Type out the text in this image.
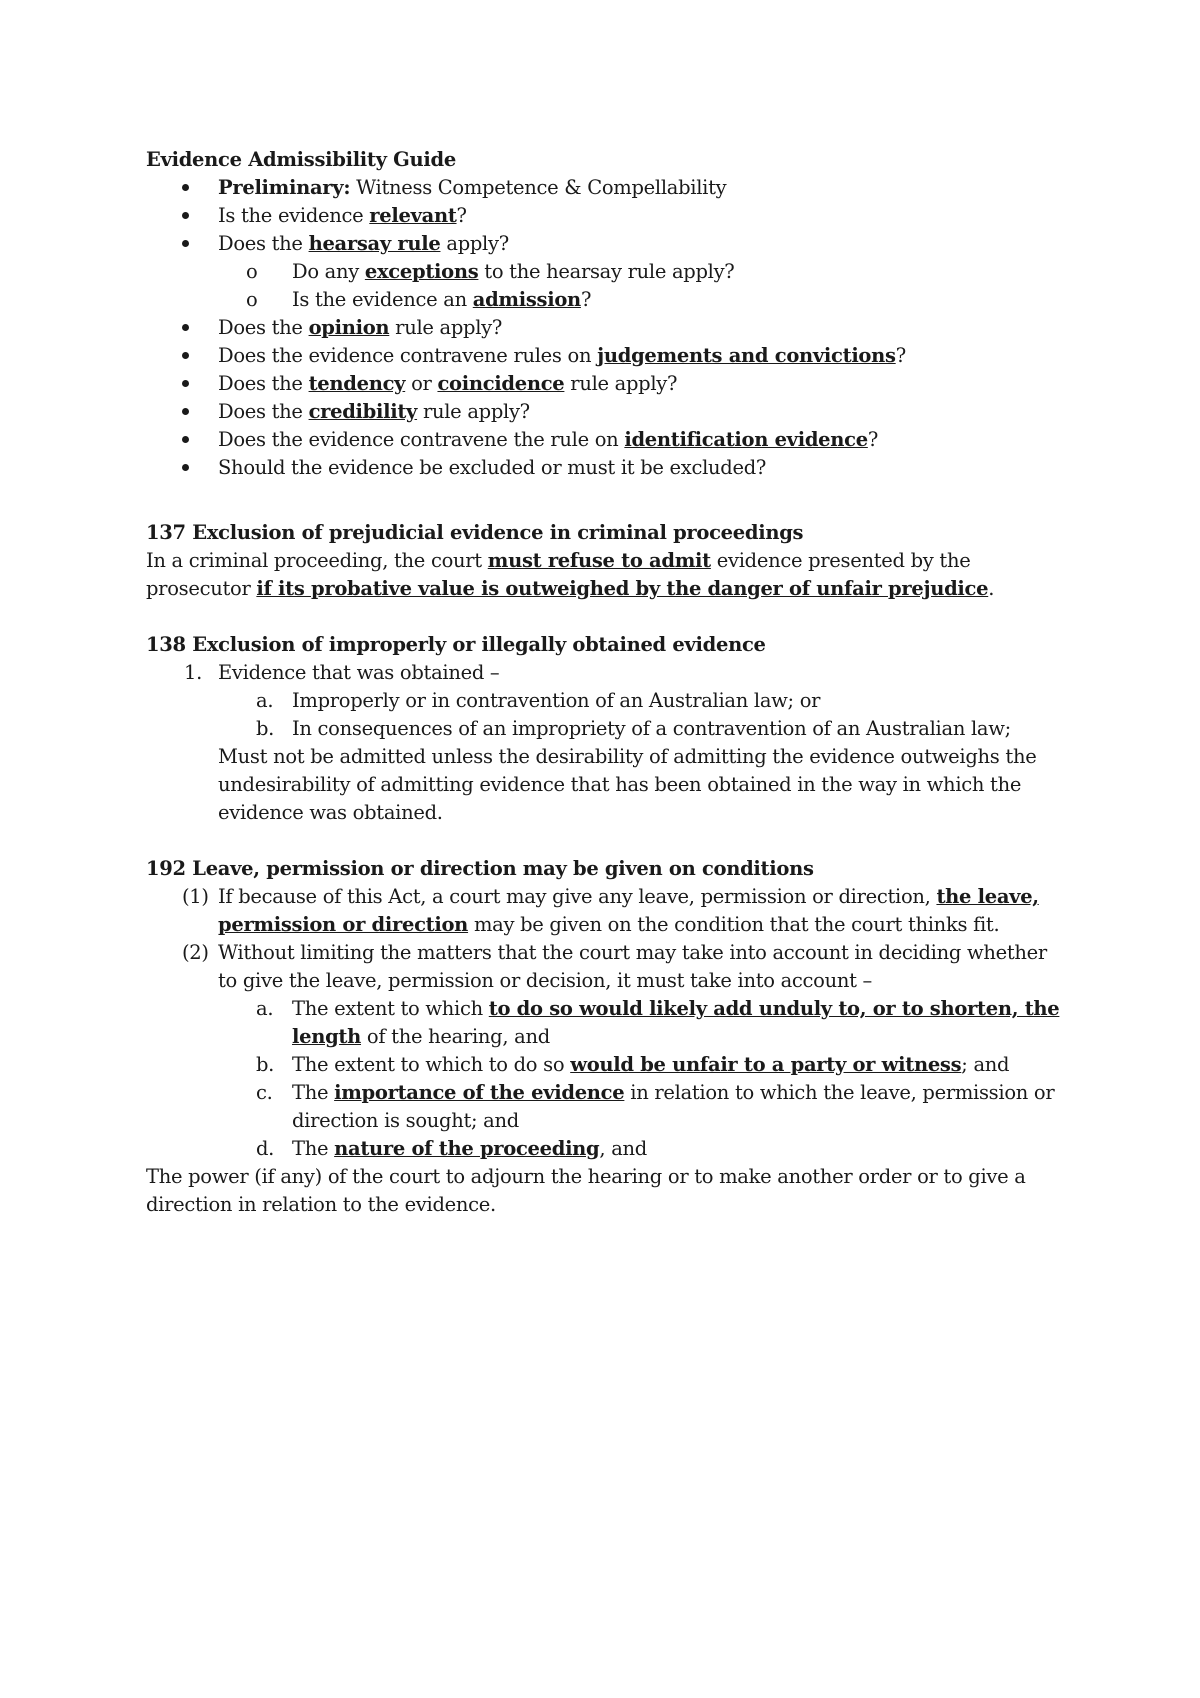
Evidence Admissibility Guide
Preliminary: Witness Competence & Compellability
Is the evidence relevant?
Does the hearsay rule apply?
Do any exceptions to the hearsay rule apply?
o
Is the evidence an admission?
o
Does the opinion rule apply?
Does the evidence contravene rules on judgements and convictions?
Does the tendency or coincidence rule apply?
Does the credibility rule apply?
Does the evidence contravene the rule on identification evidence?
Should the evidence be excluded or must it be excluded?
137 Exclusion of prejudicial evidence in criminal proceedings
In a criminal proceeding, the court must refuse to admit evidence presented by the
prosecutor if its probative value is outweighed by the danger of unfair prejudice.
138 Exclusion of improperly or illegally obtained evidence
Evidence that was obtained –
1.
Improperly or in contravention of an Australian law; or
a.
In consequences of an impropriety of a contravention of an Australian law;
b.
Must not be admitted unless the desirability of admitting the evidence outweighs the
undesirability of admitting evidence that has been obtained in the way in which the
evidence was obtained.
192 Leave, permission or direction may be given on conditions
If because of this Act, a court may give any leave, permission or direction, the leave,
(1)
permission or direction may be given on the condition that the court thinks fit.
Without limiting the matters that the court may take into account in deciding whether
(2)
to give the leave, permission or decision, it must take into account –
The extent to which to do so would likely add unduly to, or to shorten, the
a.
length of the hearing, and
The extent to which to do so would be unfair to a party or witness; and
b.
The importance of the evidence in relation to which the leave, permission or
c.
direction is sought; and
The nature of the proceeding, and
d.
The power (if any) of the court to adjourn the hearing or to make another order or to give a
direction in relation to the evidence.
